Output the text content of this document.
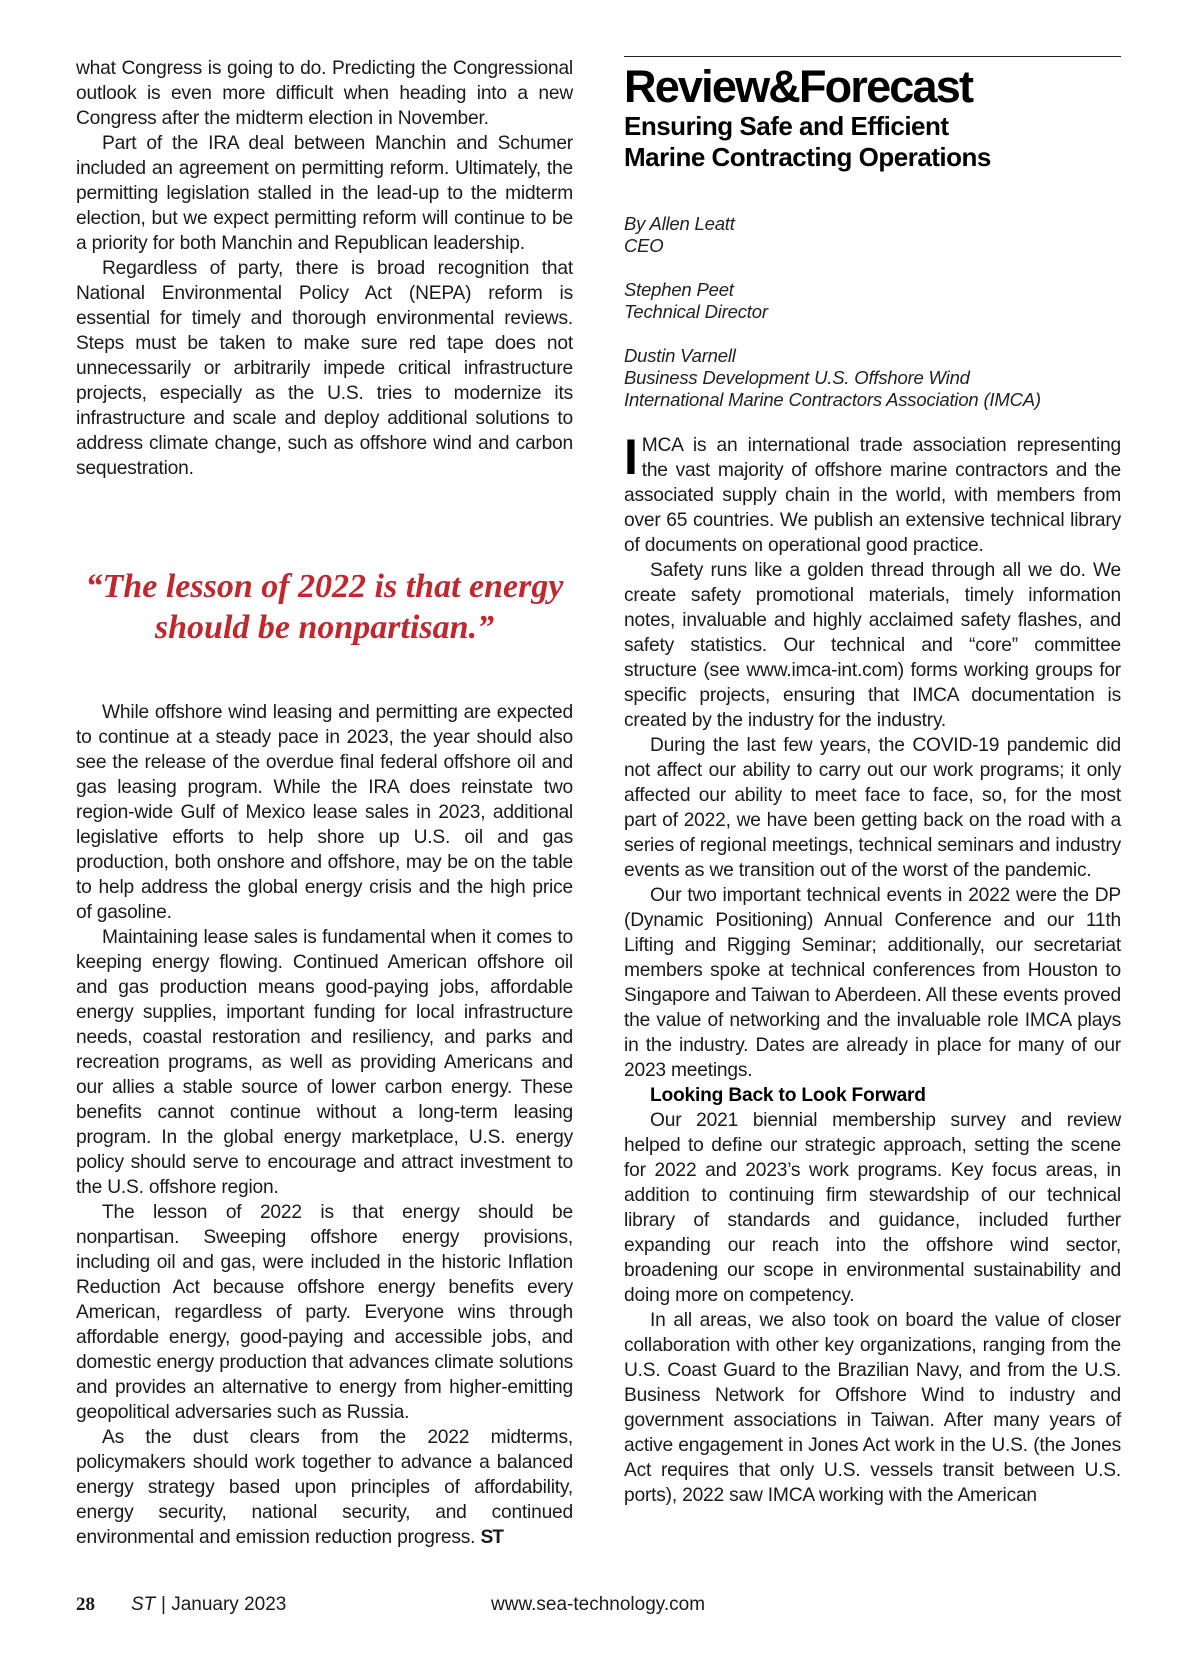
what Congress is going to do. Predicting the Congressional outlook is even more difficult when heading into a new Congress after the midterm election in November.

Part of the IRA deal between Manchin and Schumer included an agreement on permitting reform. Ultimately, the permitting legislation stalled in the lead-up to the midterm election, but we expect permitting reform will continue to be a priority for both Manchin and Republican leadership.

Regardless of party, there is broad recognition that National Environmental Policy Act (NEPA) reform is essential for timely and thorough environmental reviews. Steps must be taken to make sure red tape does not unnecessarily or arbitrarily impede critical infrastructure projects, especially as the U.S. tries to modernize its infrastructure and scale and deploy additional solutions to address climate change, such as offshore wind and carbon sequestration.

“The lesson of 2022 is that energy should be nonpartisan.”

While offshore wind leasing and permitting are expected to continue at a steady pace in 2023, the year should also see the release of the overdue final federal offshore oil and gas leasing program. While the IRA does reinstate two region-wide Gulf of Mexico lease sales in 2023, additional legislative efforts to help shore up U.S. oil and gas production, both onshore and offshore, may be on the table to help address the global energy crisis and the high price of gasoline.

Maintaining lease sales is fundamental when it comes to keeping energy flowing. Continued American offshore oil and gas production means good-paying jobs, affordable energy supplies, important funding for local infrastructure needs, coastal restoration and resiliency, and parks and recreation programs, as well as providing Americans and our allies a stable source of lower carbon energy. These benefits cannot continue without a long-term leasing program. In the global energy marketplace, U.S. energy policy should serve to encourage and attract investment to the U.S. offshore region.

The lesson of 2022 is that energy should be nonpartisan. Sweeping offshore energy provisions, including oil and gas, were included in the historic Inflation Reduction Act because offshore energy benefits every American, regardless of party. Everyone wins through affordable energy, good-paying and accessible jobs, and domestic energy production that advances climate solutions and provides an alternative to energy from higher-emitting geopolitical adversaries such as Russia.

As the dust clears from the 2022 midterms, policymakers should work together to advance a balanced energy strategy based upon principles of affordability, energy security, national security, and continued environmental and emission reduction progress. ST

Review&Forecast
Ensuring Safe and Efficient
Marine Contracting Operations
By Allen Leatt
CEO
Stephen Peet
Technical Director
Dustin Varnell
Business Development U.S. Offshore Wind
International Marine Contractors Association (IMCA)

IMCA is an international trade association representing the vast majority of offshore marine contractors and the associated supply chain in the world, with members from over 65 countries. We publish an extensive technical library of documents on operational good practice.

Safety runs like a golden thread through all we do. We create safety promotional materials, timely information notes, invaluable and highly acclaimed safety flashes, and safety statistics. Our technical and “core” committee structure (see www.imca-int.com) forms working groups for specific projects, ensuring that IMCA documentation is created by the industry for the industry.

During the last few years, the COVID-19 pandemic did not affect our ability to carry out our work programs; it only affected our ability to meet face to face, so, for the most part of 2022, we have been getting back on the road with a series of regional meetings, technical seminars and industry events as we transition out of the worst of the pandemic.

Our two important technical events in 2022 were the DP (Dynamic Positioning) Annual Conference and our 11th Lifting and Rigging Seminar; additionally, our secretariat members spoke at technical conferences from Houston to Singapore and Taiwan to Aberdeen. All these events proved the value of networking and the invaluable role IMCA plays in the industry. Dates are already in place for many of our 2023 meetings.

Looking Back to Look Forward

Our 2021 biennial membership survey and review helped to define our strategic approach, setting the scene for 2022 and 2023’s work programs. Key focus areas, in addition to continuing firm stewardship of our technical library of standards and guidance, included further expanding our reach into the offshore wind sector, broadening our scope in environmental sustainability and doing more on competency.

In all areas, we also took on board the value of closer collaboration with other key organizations, ranging from the U.S. Coast Guard to the Brazilian Navy, and from the U.S. Business Network for Offshore Wind to industry and government associations in Taiwan. After many years of active engagement in Jones Act work in the U.S. (the Jones Act requires that only U.S. vessels transit between U.S. ports), 2022 saw IMCA working with the American

28 ST | January 2023	www.sea-technology.com
